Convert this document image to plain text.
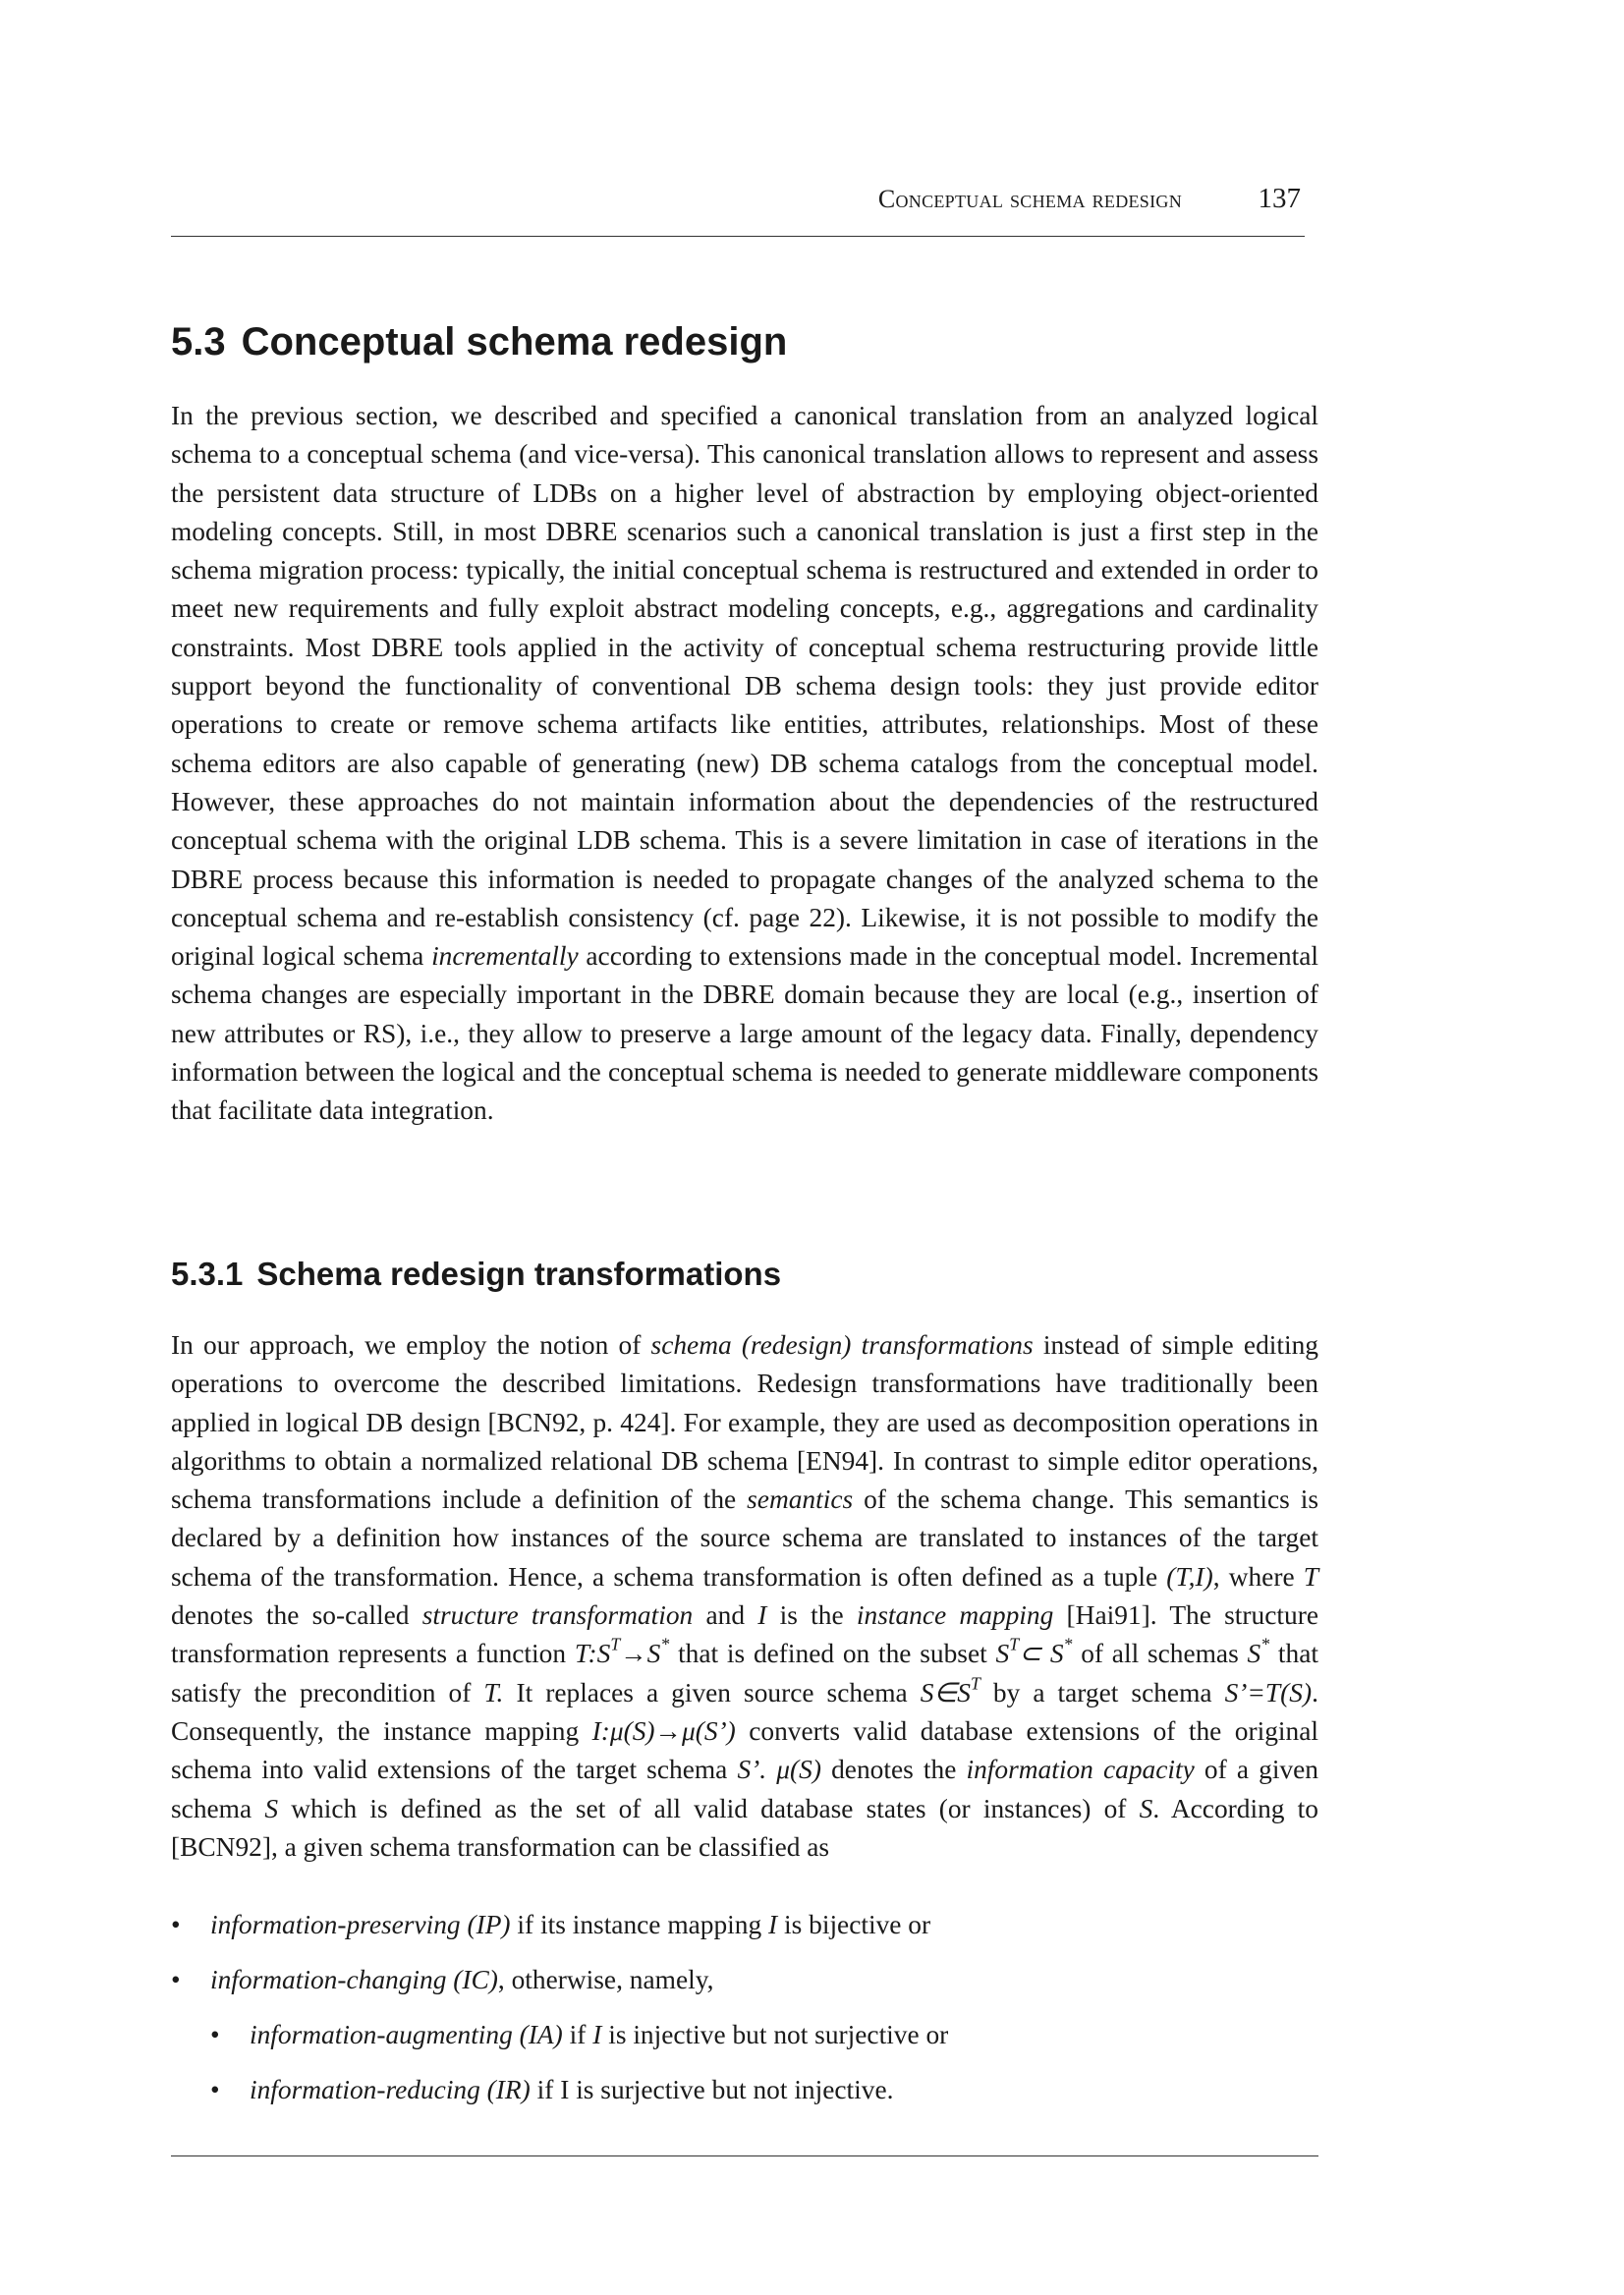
Conceptual schema redesign	137
5.3 Conceptual schema redesign

In the previous section, we described and specified a canonical translation from an analyzed logical schema to a conceptual schema (and vice-versa). This canonical translation allows to represent and assess the persistent data structure of LDBs on a higher level of abstraction by employing object-oriented modeling concepts. Still, in most DBRE scenarios such a canonical translation is just a first step in the schema migration process: typically, the initial conceptual schema is restructured and extended in order to meet new requirements and fully exploit abstract modeling concepts, e.g., aggregations and cardinality constraints. Most DBRE tools applied in the activity of conceptual schema restructuring provide little support beyond the functionality of conventional DB schema design tools: they just provide editor operations to create or remove schema artifacts like entities, attributes, relationships. Most of these schema editors are also capable of generating (new) DB schema catalogs from the conceptual model. However, these approaches do not maintain information about the dependencies of the restructured conceptual schema with the original LDB schema. This is a severe limitation in case of iterations in the DBRE process because this information is needed to propagate changes of the analyzed schema to the conceptual schema and re-establish consistency (cf. page 22). Likewise, it is not possible to modify the original logical schema incrementally according to extensions made in the conceptual model. Incremental schema changes are especially important in the DBRE domain because they are local (e.g., insertion of new attributes or RS), i.e., they allow to preserve a large amount of the legacy data. Finally, dependency information between the logical and the conceptual schema is needed to generate middleware components that facilitate data integration.

5.3.1 Schema redesign transformations

In our approach, we employ the notion of schema (redesign) transformations instead of simple editing operations to overcome the described limitations. Redesign transformations have traditionally been applied in logical DB design [BCN92, p. 424]. For example, they are used as decomposition operations in algorithms to obtain a normalized relational DB schema [EN94]. In contrast to simple editor operations, schema transformations include a definition of the semantics of the schema change. This semantics is declared by a definition how instances of the source schema are translated to instances of the target schema of the transformation. Hence, a schema transformation is often defined as a tuple (T,I), where T denotes the so-called structure transformation and I is the instance mapping [Hai91]. The structure transformation represents a function $T:S^T\to S^*$ that is defined on the subset $S^T\subset$ S* of all schemas S* that satisfy the precondition of T. It replaces a given source schema $S\in S^T$ by a target schema S’=T(S). Consequently, the instance mapping I:μ(S)→μ(S’) converts valid database extensions of the original schema into valid extensions of the target schema S’. μ(S) denotes the information capacity of a given schema S which is defined as the set of all valid database states (or instances) of S. According to [BCN92], a given schema transformation can be classified as

• information-preserving (IP) if its instance mapping I is bijective or
• information-changing (IC), otherwise, namely,
• information-augmenting (IA) if I is injective but not surjective or
• information-reducing (IR) if I is surjective but not injective.
